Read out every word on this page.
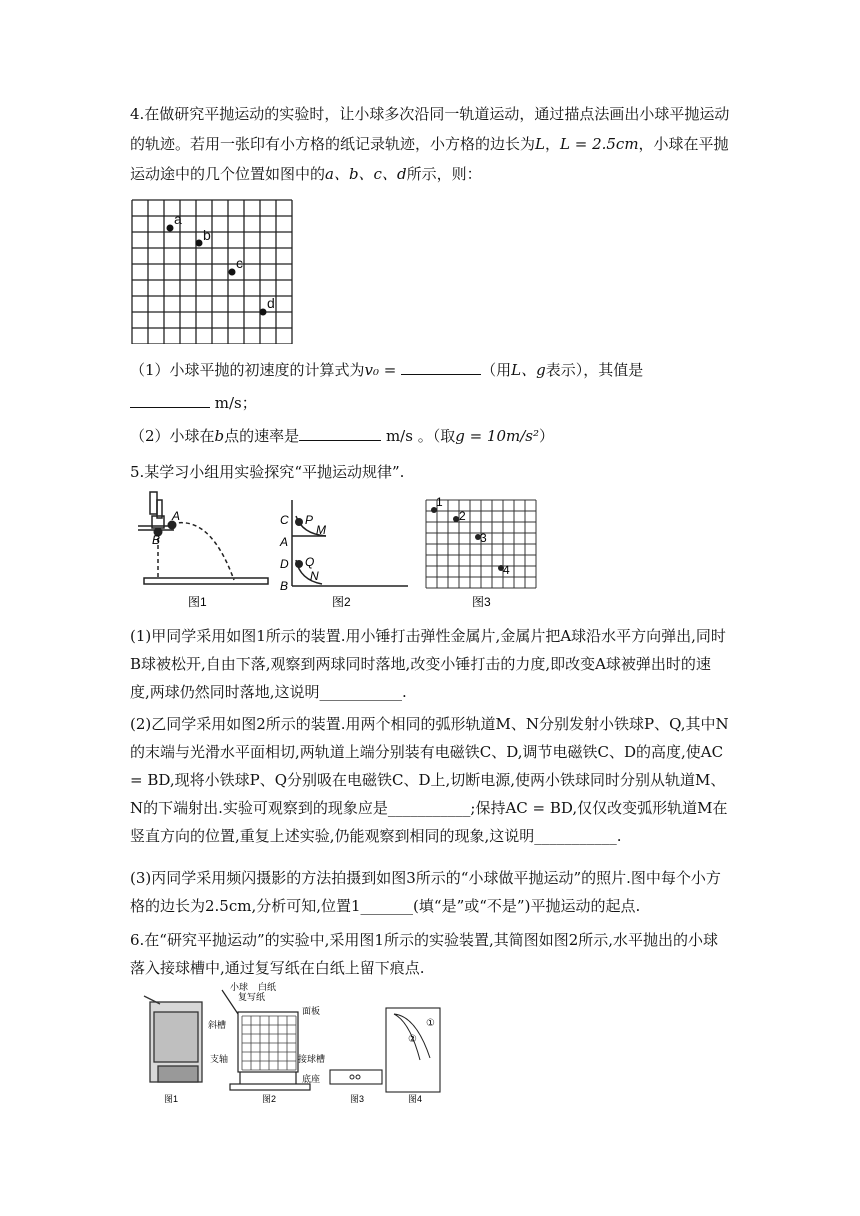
4.在做研究平抛运动的实验时，让小球多次沿同一轨道运动，通过描点法画出小球平抛运动
的轨迹。若用一张印有小方格的纸记录轨迹，小方格的边长为L，L = 2.5cm，小球在平抛
运动途中的几个位置如图中的a、b、c、d所示，则：
a
b
c
d
（1）小球平抛的初速度的计算式为v₀ =	（用L、g表示），其值是
m/s；
（2）小球在b点的速率是	m/s 。（取g = 10m/s²）
5.某学习小组用实验探究“平抛运动规律”.
A
B
C P
M
A
D Q
N
B
1
2
3
4
图1	图2	图3
(1)甲同学采用如图1所示的装置.用小锤打击弹性金属片,金属片把A球沿水平方向弹出,同时B球被松开,自由下落,观察到两球同时落地,改变小锤打击的力度,即改变A球被弹出时的速度,两球仍然同时落地,这说明___________.
(2)乙同学采用如图2所示的装置.用两个相同的弧形轨道M、N分别发射小铁球P、Q,其中N的末端与光滑水平面相切,两轨道上端分别装有电磁铁C、D,调节电磁铁C、D的高度,使AC = BD,现将小铁球P、Q分别吸在电磁铁C、D上,切断电源,使两小铁球同时分别从轨道M、N的下端射出.实验可观察到的现象应是___________;保持AC = BD,仅仅改变弧形轨道M在竖直方向的位置,重复上述实验,仍能观察到相同的现象,这说明___________.
(3)丙同学采用频闪摄影的方法拍摄到如图3所示的“小球做平抛运动”的照片.图中每个小方格的边长为2.5cm,分析可知,位置1_______(填“是”或“不是”)平抛运动的起点.
6.在“研究平抛运动”的实验中,采用图1所示的实验装置,其简图如图2所示,水平抛出的小球落入接球槽中,通过复写纸在白纸上留下痕点.
小球 白纸
复写纸
面板
斜槽
接球槽
支轴
底座
①
②
图1	图2	图3	图4
